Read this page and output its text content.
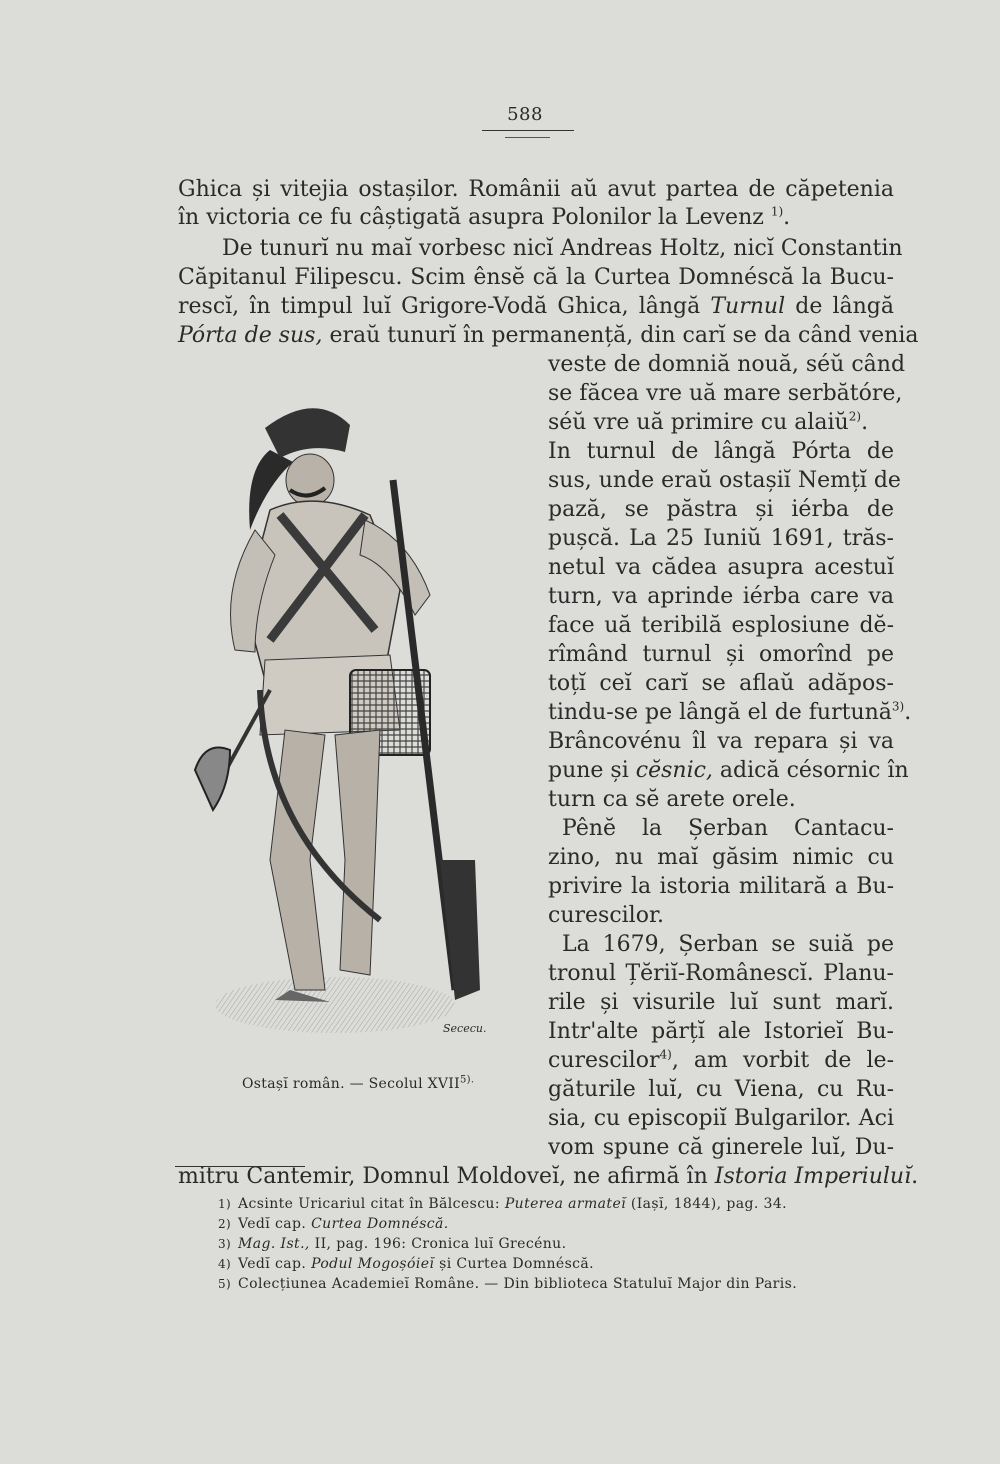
588
Ghica și vitejia ostașilor. Românii aŭ avut partea de căpetenia
în victoria ce fu câștigată asupra Polonilor la Levenz $^{1)}$.
De tunurĭ nu maĭ vorbesc nicĭ Andreas Holtz, nicĭ Constantin
Căpitanul Filipescu. Scim ênsĕ că la Curtea Domnéscă la Bucu-
rescĭ, în timpul luĭ Grigore-Vodă Ghica, lângă Turnul de lângă
Pórta de sus, eraŭ tunurĭ în permanență, din carĭ se da când venia
veste de domniă nouă, séŭ când
se făcea vre uă mare serbătóre,
séŭ vre uă primire cu alaiŭ$^{2)}$.
In turnul de lângă Pórta de
sus, unde eraŭ ostașiĭ Nemțĭ de
pază, se păstra și iérba de
pușcă. La 25 Iuniŭ 1691, trăs-
netul va cădea asupra acestuĭ
turn, va aprinde iérba care va
face uă teribilă esplosiune dĕ-
rîmând turnul și omorînd pe
toțĭ ceĭ carĭ se aflaŭ adăpos-
tindu-se pe lângă el de furtună$^{3)}$.
Brâncovénu îl va repara și va
pune și cĕsnic, adică césornic în
turn ca sĕ arete orele.
Pênĕ la Șerban Cantacu-
zino, nu maĭ găsim nimic cu
privire la istoria militară a Bu-
curescilor.
La 1679, Șerban se suiă pe
tronul Țĕriĭ-Românescĭ. Planu-
rile și visurile luĭ sunt marĭ.
Intr'alte părțĭ ale Istorieĭ Bu-
curescilor$^{4)}$, am vorbit de le-
găturile luĭ, cu Viena, cu Ru-
sia, cu episcopiĭ Bulgarilor. Aci
vom spune că ginerele luĭ, Du-
mitru Cantemir, Domnul Moldoveĭ, ne afirmă în Istoria Imperiuluĭ.
Sececu.
Ostașĭ român. — Secolul $XVII^{5).}$
1) Acsinte Uricariul citat în Bălcescu: Puterea armateĭ (Iașĭ, 1844), pag. 34.
2) Vedĭ cap. Curtea Domnéscă.
3) Mag. Ist., II, pag. 196: Cronica luĭ Grecénu.
4) Vedĭ cap. Podul Mogoșóieĭ și Curtea Domnéscă.
5) Colecțiunea Academieĭ Române. — Din biblioteca Statuluĭ Major din Paris.
